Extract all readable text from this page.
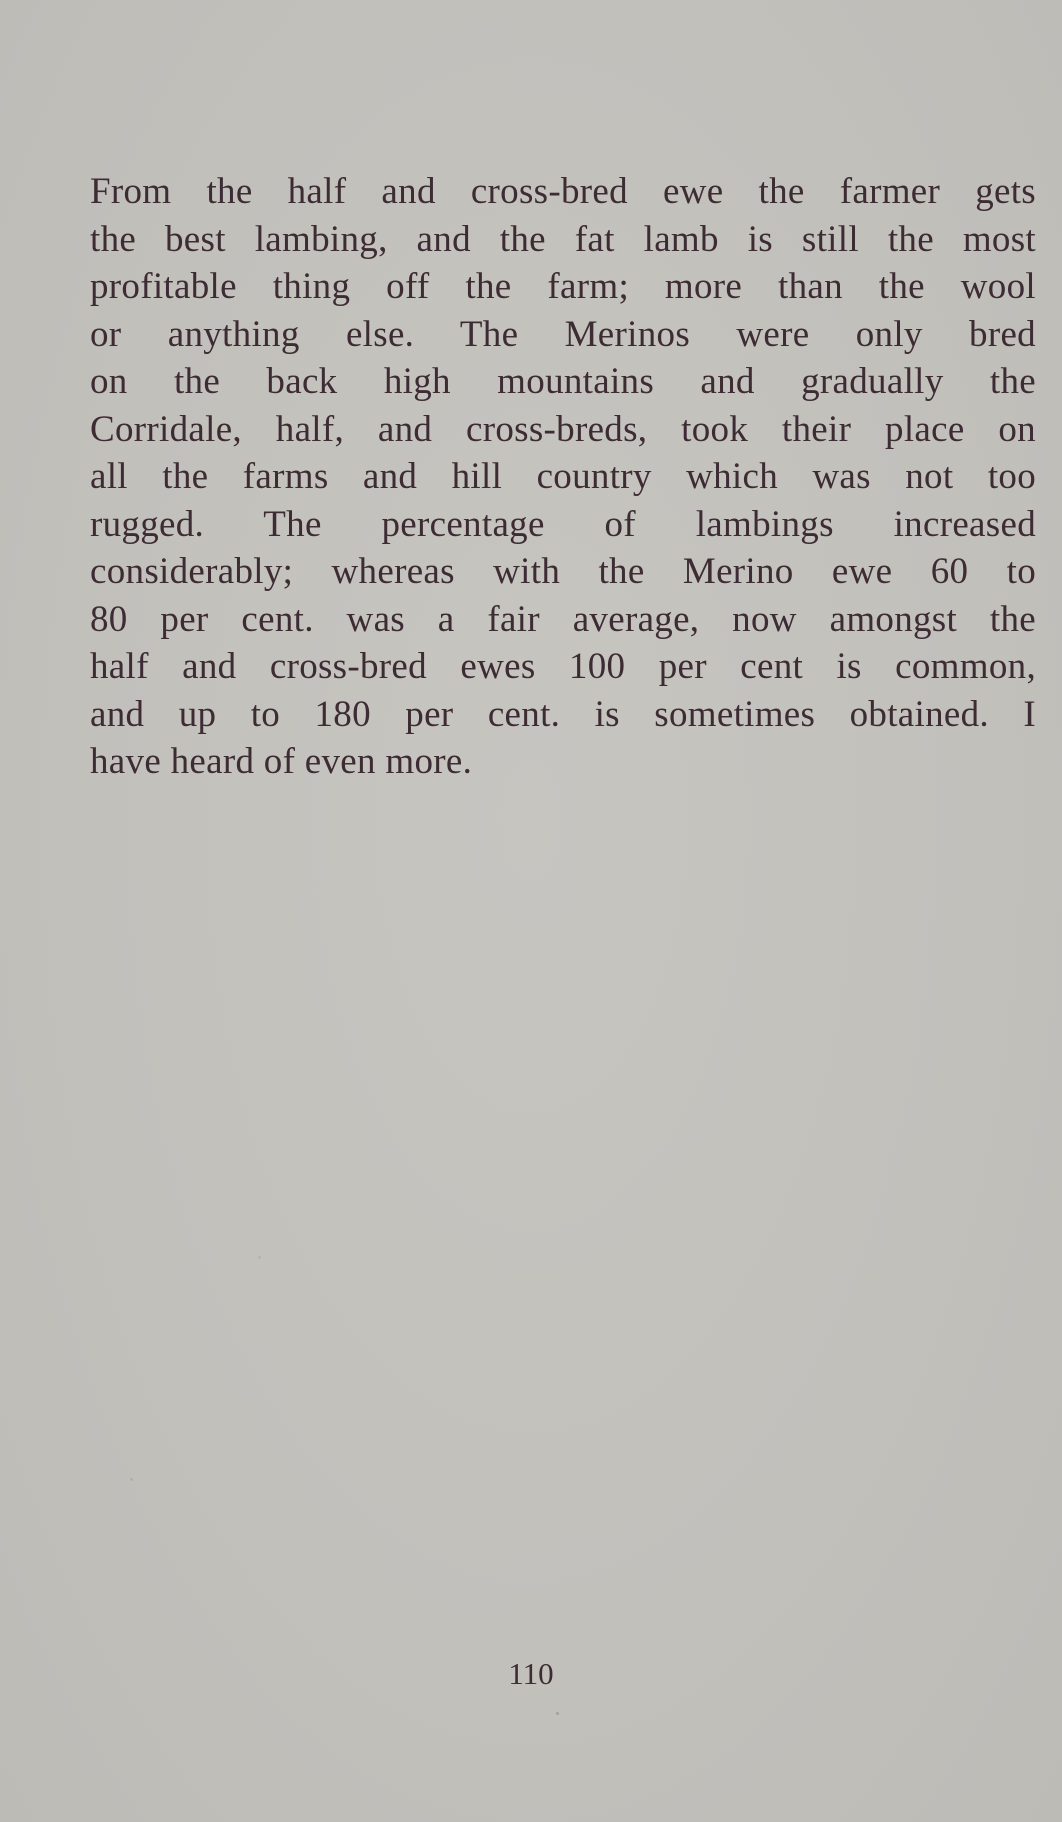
From the half and cross-bred ewe the farmer gets
the best lambing, and the fat lamb is still the most
profitable thing off the farm; more than the wool
or anything else. The Merinos were only bred
on the back high mountains and gradually the
Corridale, half, and cross-breds, took their place on
all the farms and hill country which was not too
rugged. The percentage of lambings increased
considerably; whereas with the Merino ewe 60 to
80 per cent. was a fair average, now amongst the
half and cross-bred ewes 100 per cent is common,
and up to 180 per cent. is sometimes obtained. I
have heard of even more.
110
